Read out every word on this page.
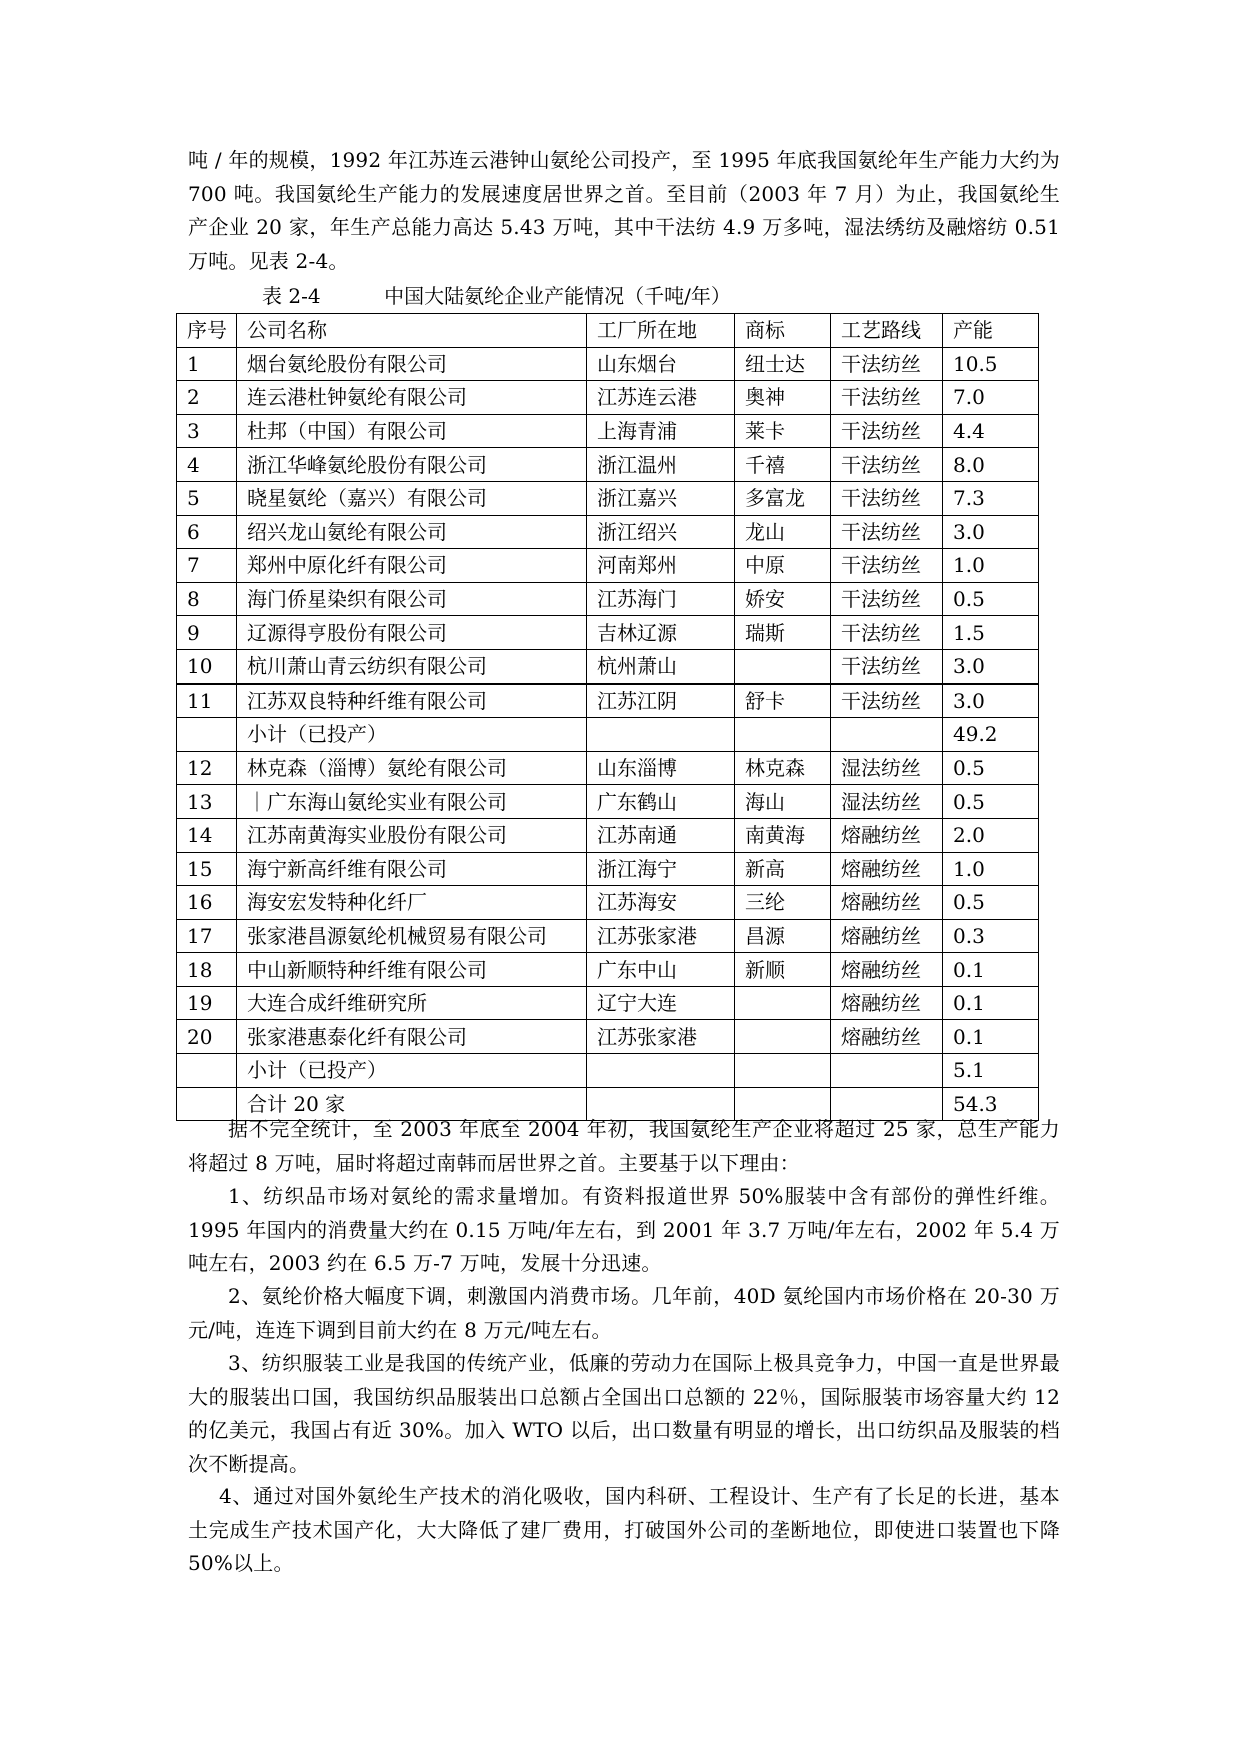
吨 / 年的规模，1992 年江苏连云港钟山氨纶公司投产，至 1995 年底我国氨纶年生产能力大约为 700 吨。我国氨纶生产能力的发展速度居世界之首。至目前（2003 年 7 月）为止，我国氨纶生产企业 20 家，年生产总能力高达 5.43 万吨，其中干法纺 4.9 万多吨，湿法绣纺及融熔纺 0.51 万吨。见表 2-4。

表 2-4          中国大陆氨纶企业产能情况（千吨/年）
序号	公司名称	工厂所在地	商标	工艺路线	产能
1	烟台氨纶股份有限公司	山东烟台	纽士达	干法纺丝	10.5
2	连云港杜钟氨纶有限公司	江苏连云港	奥神	干法纺丝	7.0
3	杜邦（中国）有限公司	上海青浦	莱卡	干法纺丝	4.4
4	浙江华峰氨纶股份有限公司	浙江温州	千禧	干法纺丝	8.0
5	晓星氨纶（嘉兴）有限公司	浙江嘉兴	多富龙	干法纺丝	7.3
6	绍兴龙山氨纶有限公司	浙江绍兴	龙山	干法纺丝	3.0
7	郑州中原化纤有限公司	河南郑州	中原	干法纺丝	1.0
8	海门侨星染织有限公司	江苏海门	娇安	干法纺丝	0.5
9	辽源得亨股份有限公司	吉林辽源	瑞斯	干法纺丝	1.5
10	杭川萧山青云纺织有限公司	杭州萧山		干法纺丝	3.0
11	江苏双良特种纤维有限公司	江苏江阴	舒卡	干法纺丝	3.0
	小计（已投产）				49.2
12	林克森（淄博）氨纶有限公司	山东淄博	林克森	湿法纺丝	0.5
13	｜广东海山氨纶实业有限公司	广东鹤山	海山	湿法纺丝	0.5
14	江苏南黄海实业股份有限公司	江苏南通	南黄海	熔融纺丝	2.0
15	海宁新高纤维有限公司	浙江海宁	新高	熔融纺丝	1.0
16	海安宏发特种化纤厂	江苏海安	三纶	熔融纺丝	0.5
17	张家港昌源氨纶机械贸易有限公司	江苏张家港	昌源	熔融纺丝	0.3
18	中山新顺特种纤维有限公司	广东中山	新顺	熔融纺丝	0.1
19	大连合成纤维研究所	辽宁大连		熔融纺丝	0.1
20	张家港惠泰化纤有限公司	江苏张家港		熔融纺丝	0.1
	小计（已投产）				5.1
	合计 20 家				54.3

据不完全统计，至 2003 年底至 2004 年初，我国氨纶生产企业将超过 25 家，总生产能力将超过 8 万吨，届时将超过南韩而居世界之首。主要基于以下理由：

1、纺织品市场对氨纶的需求量增加。有资料报道世界 50%服装中含有部份的弹性纤维。1995 年国内的消费量大约在 0.15 万吨/年左右，到 2001 年 3.7 万吨/年左右，2002 年 5.4 万吨左右，2003 约在 6.5 万-7 万吨，发展十分迅速。

2、氨纶价格大幅度下调，刺激国内消费市场。几年前，40D 氨纶国内市场价格在 20-30 万元/吨，连连下调到目前大约在 8 万元/吨左右。

3、纺织服装工业是我国的传统产业，低廉的劳动力在国际上极具竞争力，中国一直是世界最大的服装出口国，我国纺织品服装出口总额占全国出口总额的 22％，国际服装市场容量大约 12 的亿美元，我国占有近 30%。加入 WTO 以后，出口数量有明显的增长，出口纺织品及服装的档次不断提高。

4、通过对国外氨纶生产技术的消化吸收，国内科研、工程设计、生产有了长足的长进，基本土完成生产技术国产化，大大降低了建厂费用，打破国外公司的垄断地位，即使进口装置也下降 50%以上。
